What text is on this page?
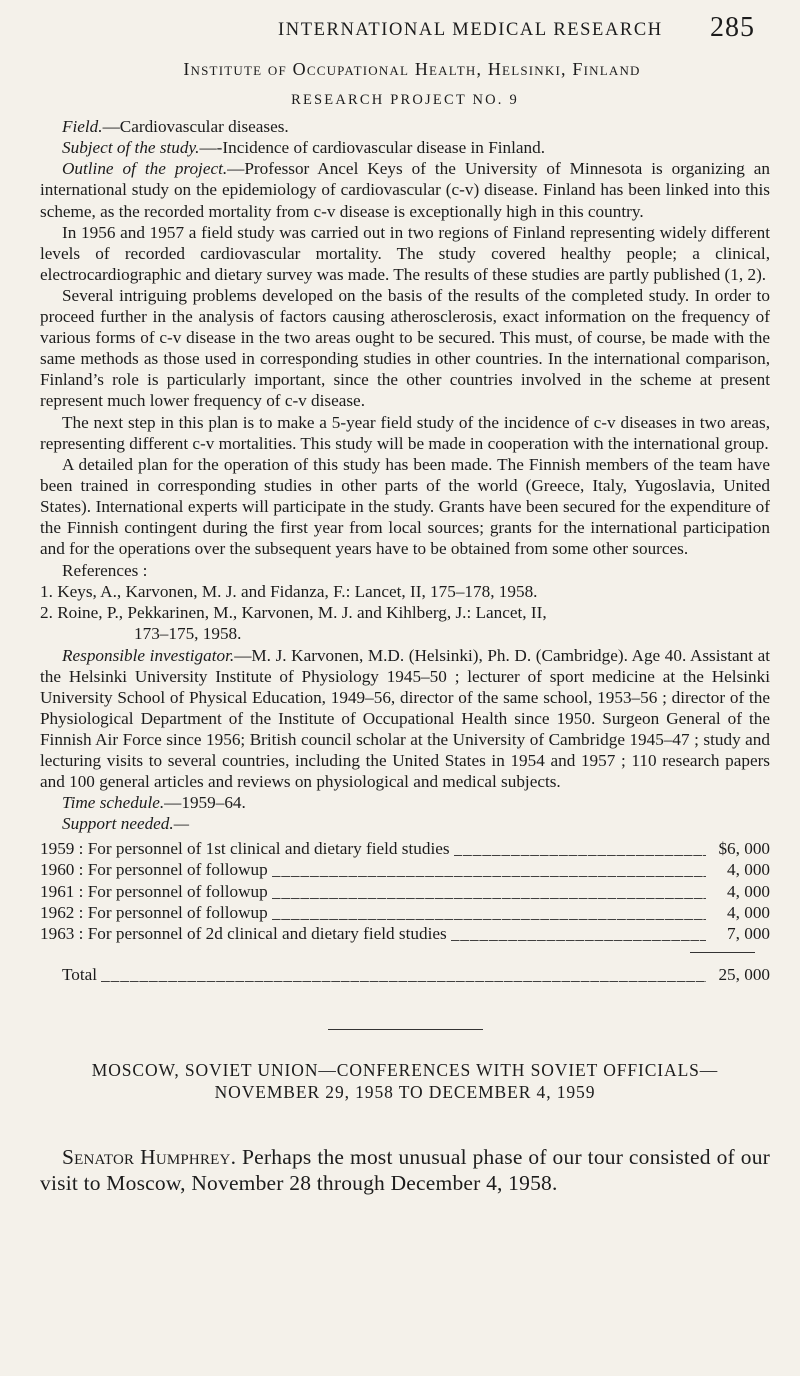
INTERNATIONAL MEDICAL RESEARCH 285
Institute of Occupational Health, Helsinki, Finland
RESEARCH PROJECT NO. 9

Field.—Cardiovascular diseases.

Subject of the study.—-Incidence of cardiovascular disease in Finland.

Outline of the project.—Professor Ancel Keys of the University of Minnesota is organizing an international study on the epidemiology of cardiovascular (c-v) disease. Finland has been linked into this scheme, as the recorded mortality from c-v disease is exceptionally high in this country.

In 1956 and 1957 a field study was carried out in two regions of Finland representing widely different levels of recorded cardiovascular mortality. The study covered healthy people; a clinical, electrocardiographic and dietary survey was made. The results of these studies are partly published (1, 2).

Several intriguing problems developed on the basis of the results of the completed study. In order to proceed further in the analysis of factors causing atherosclerosis, exact information on the frequency of various forms of c-v disease in the two areas ought to be secured. This must, of course, be made with the same methods as those used in corresponding studies in other countries. In the international comparison, Finland’s role is particularly important, since the other countries involved in the scheme at present represent much lower frequency of c-v disease.

The next step in this plan is to make a 5-year field study of the incidence of c-v diseases in two areas, representing different c-v mortalities. This study will be made in cooperation with the international group.

A detailed plan for the operation of this study has been made. The Finnish members of the team have been trained in corresponding studies in other parts of the world (Greece, Italy, Yugoslavia, United States). International experts will participate in the study. Grants have been secured for the expenditure of the Finnish contingent during the first year from local sources; grants for the international participation and for the operations over the subsequent years have to be obtained from some other sources.

References :

1. Keys, A., Karvonen, M. J. and Fidanza, F.: Lancet, II, 175–178, 1958.
2. Roine, P., Pekkarinen, M., Karvonen, M. J. and Kihlberg, J.: Lancet, II,
173–175, 1958.

Responsible investigator.—M. J. Karvonen, M.D. (Helsinki), Ph. D. (Cambridge). Age 40. Assistant at the Helsinki University Institute of Physiology 1945–50 ; lecturer of sport medicine at the Helsinki University School of Physical Education, 1949–56, director of the same school, 1953–56 ; director of the Physiological Department of the Institute of Occupational Health since 1950. Surgeon General of the Finnish Air Force since 1956; British council scholar at the University of Cambridge 1945–47 ; study and lecturing visits to several countries, including the United States in 1954 and 1957 ; 110 research papers and 100 general articles and reviews on physiological and medical subjects.

Time schedule.—1959–64.

Support needed.—

1959 : For personnel of 1st clinical and dietary field studies _____	$6, 000
1960 : For personnel of followup _____	4, 000
1961 : For personnel of followup _____	4, 000
1962 : For personnel of followup _____	4, 000
1963 : For personnel of 2d clinical and dietary field studies _____	7, 000
Total _____	25, 000
MOSCOW, SOVIET UNION—CONFERENCES WITH SOVIET OFFICIALS—
NOVEMBER 29, 1958 TO DECEMBER 4, 1959

Senator Humphrey. Perhaps the most unusual phase of our tour consisted of our visit to Moscow, November 28 through December 4, 1958.
